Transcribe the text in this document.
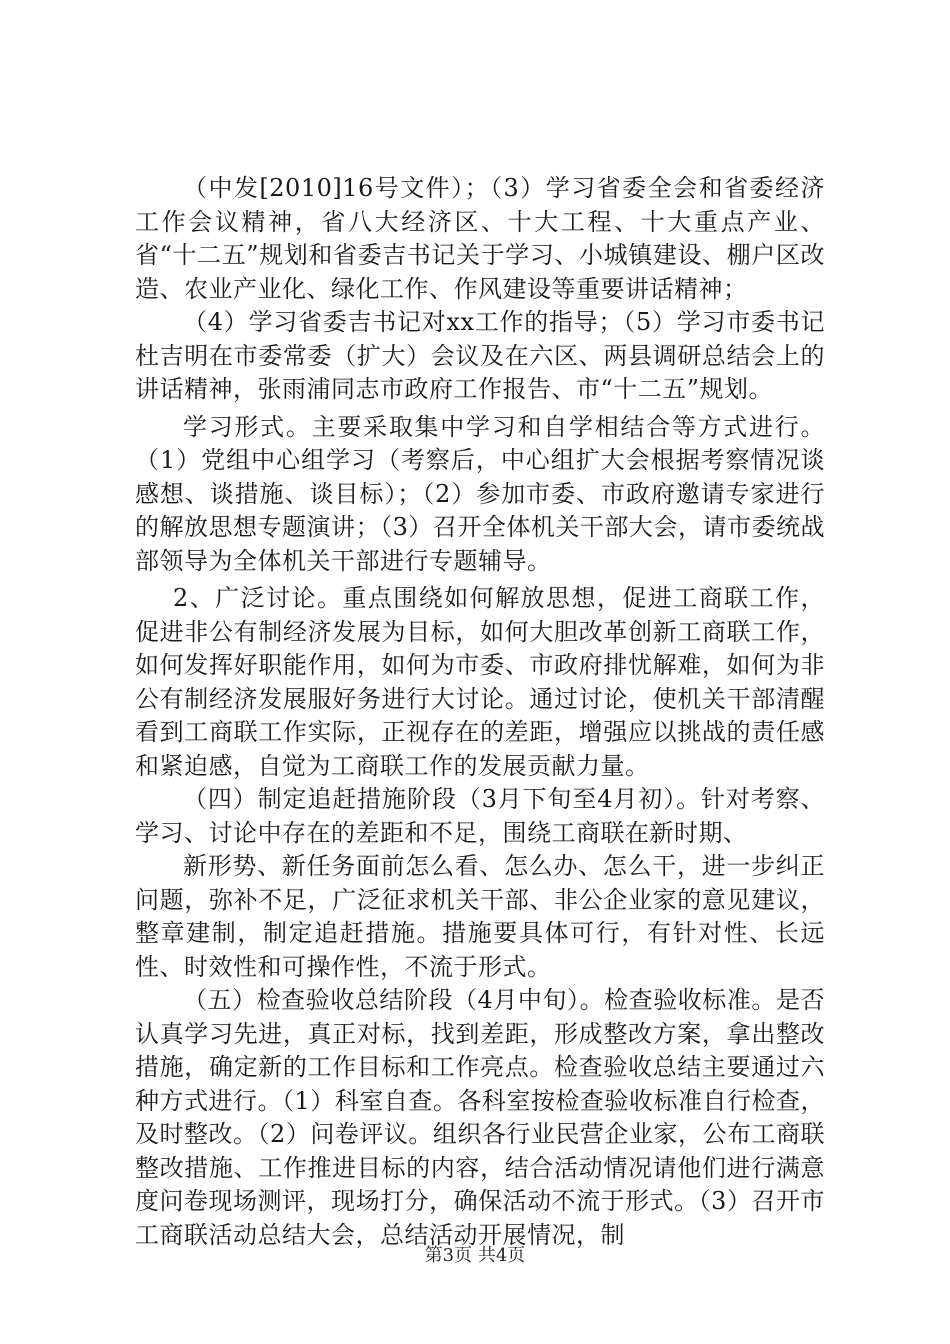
（中发[2010]16号文件）；（3）学习省委全会和省委经济工作会议精神，省八大经济区、十大工程、十大重点产业、省“十二五”规划和省委吉书记关于学习、小城镇建设、棚户区改造、农业产业化、绿化工作、作风建设等重要讲话精神；

（4）学习省委吉书记对xx工作的指导；（5）学习市委书记杜吉明在市委常委（扩大）会议及在六区、两县调研总结会上的讲话精神，张雨浦同志市政府工作报告、市“十二五”规划。

学习形式。主要采取集中学习和自学相结合等方式进行。（1）党组中心组学习（考察后，中心组扩大会根据考察情况谈感想、谈措施、谈目标）；（2）参加市委、市政府邀请专家进行的解放思想专题演讲；（3）召开全体机关干部大会，请市委统战部领导为全体机关干部进行专题辅导。

2、广泛讨论。重点围绕如何解放思想，促进工商联工作，促进非公有制经济发展为目标，如何大胆改革创新工商联工作，如何发挥好职能作用，如何为市委、市政府排忧解难，如何为非公有制经济发展服好务进行大讨论。通过讨论，使机关干部清醒看到工商联工作实际，正视存在的差距，增强应以挑战的责任感和紧迫感，自觉为工商联工作的发展贡献力量。

（四）制定追赶措施阶段（3月下旬至4月初）。针对考察、学习、讨论中存在的差距和不足，围绕工商联在新时期、

新形势、新任务面前怎么看、怎么办、怎么干，进一步纠正问题，弥补不足，广泛征求机关干部、非公企业家的意见建议，整章建制，制定追赶措施。措施要具体可行，有针对性、长远性、时效性和可操作性，不流于形式。

（五）检查验收总结阶段（4月中旬）。检查验收标准。是否认真学习先进，真正对标，找到差距，形成整改方案，拿出整改措施，确定新的工作目标和工作亮点。检查验收总结主要通过六种方式进行。（1）科室自查。各科室按检查验收标准自行检查，及时整改。（2）问卷评议。组织各行业民营企业家，公布工商联整改措施、工作推进目标的内容，结合活动情况请他们进行满意度问卷现场测评，现场打分，确保活动不流于形式。（3）召开市工商联活动总结大会，总结活动开展情况，制

第3页 共4页
